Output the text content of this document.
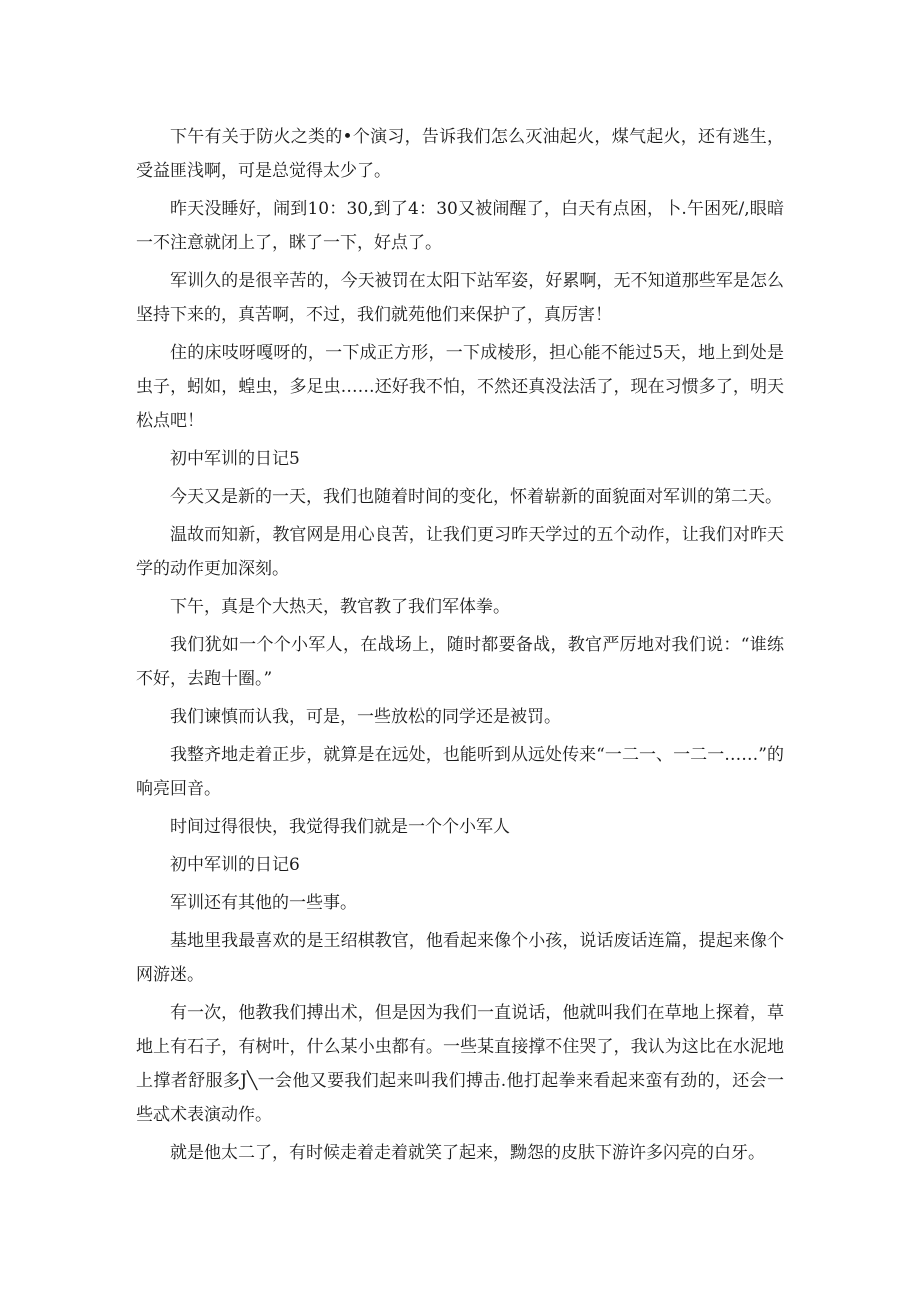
下午有关于防火之类的•个演习，告诉我们怎么灭油起火，煤气起火，还有逃生，受益匪浅啊，可是总觉得太少了。

昨天没睡好，闹到10：30,到了4：30又被闹醒了，白天有点困，卜.午困死/,眼暗一不注意就闭上了，眯了一下，好点了。

军训久的是很辛苦的，今天被罚在太阳下站军姿，好累啊，无不知道那些军是怎么坚持下来的，真苦啊，不过，我们就苑他们来保护了，真厉害！

住的床吱呀嘎呀的，一下成正方形，一下成棱形，担心能不能过5天，地上到处是虫子，蚓如，蝗虫，多足虫……还好我不怕，不然还真没法活了，现在习惯多了，明天松点吧！

初中军训的日记5

今天又是新的一天，我们也随着时间的变化，怀着崭新的面貌面对军训的第二天。

温故而知新，教官网是用心良苦，让我们更习昨天学过的五个动作，让我们对昨天学的动作更加深刻。

下午，真是个大热天，教官教了我们军体拳。

我们犹如一个个小军人，在战场上，随时都要备战，教官严厉地对我们说：“谁练不好，去跑十圈。”

我们谏慎而认我，可是，一些放松的同学还是被罚。

我整齐地走着正步，就算是在远处，也能听到从远处传来“一二一、一二一……”的响亮回音。

时间过得很快，我觉得我们就是一个个小军人

初中军训的日记6

军训还有其他的一些事。

基地里我最喜欢的是王绍棋教官，他看起来像个小孩，说话废话连篇，提起来像个网游迷。

有一次，他教我们搏出术，但是因为我们一直说话，他就叫我们在草地上探着，草地上有石子，有树叶，什么某小虫都有。一些某直接撑不住哭了，我认为这比在水泥地上撑者舒服多J╲一会他又要我们起来叫我们搏击.他打起拳来看起来蛮有劲的，还会一些忒术表演动作。

就是他太二了，有时候走着走着就笑了起来，黝怨的皮肤下游许多闪亮的白牙。
